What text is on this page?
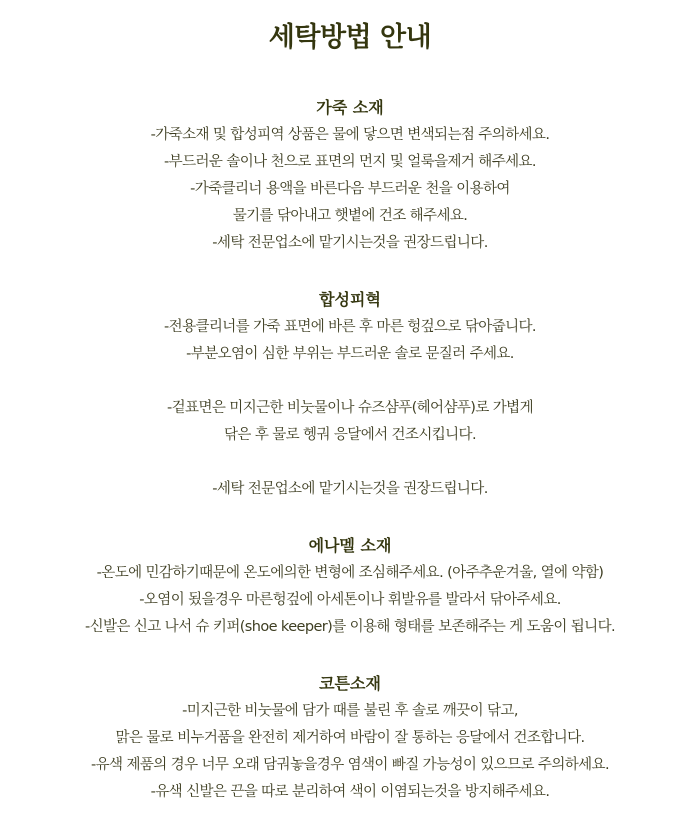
세탁방법 안내
가죽 소재

-가죽소재 및 합성피역 상품은 물에 닿으면 변색되는점 주의하세요.

-부드러운 솔이나 천으로 표면의 먼지 및 얼룩을제거 해주세요.

-가죽클리너 용액을 바른다음 부드러운 천을 이용하여

물기를 닦아내고 햇볕에 건조 해주세요.

-세탁 전문업소에 맡기시는것을 권장드립니다.

합성피혁

-전용클리너를 가죽 표면에 바른 후 마른 헝겊으로 닦아줍니다.

-부분오염이 심한 부위는 부드러운 솔로 문질러 주세요.

-겉표면은 미지근한 비눗물이나 슈즈샴푸(헤어샴푸)로 가볍게

닦은 후 물로 헹궈 응달에서 건조시킵니다.

-세탁 전문업소에 맡기시는것을 권장드립니다.

에나멜 소재

-온도에 민감하기때문에 온도에의한 변형에 조심해주세요. (아주추운겨울, 열에 약함)

-오염이 됬을경우 마른헝겊에 아세톤이나 휘발유를 발라서 닦아주세요.

-신발은 신고 나서 슈 키퍼(shoe keeper)를 이용해 형태를 보존해주는 게 도움이 됩니다.

코튼소재

-미지근한 비눗물에 담가 때를 불린 후 솔로 깨끗이 닦고,

맑은 물로 비누거품을 완전히 제거하여 바람이 잘 통하는 응달에서 건조합니다.

-유색 제품의 경우 너무 오래 담궈놓을경우 염색이 빠질 가능성이 있으므로 주의하세요.

-유색 신발은 끈을 따로 분리하여 색이 이염되는것을 방지해주세요.
